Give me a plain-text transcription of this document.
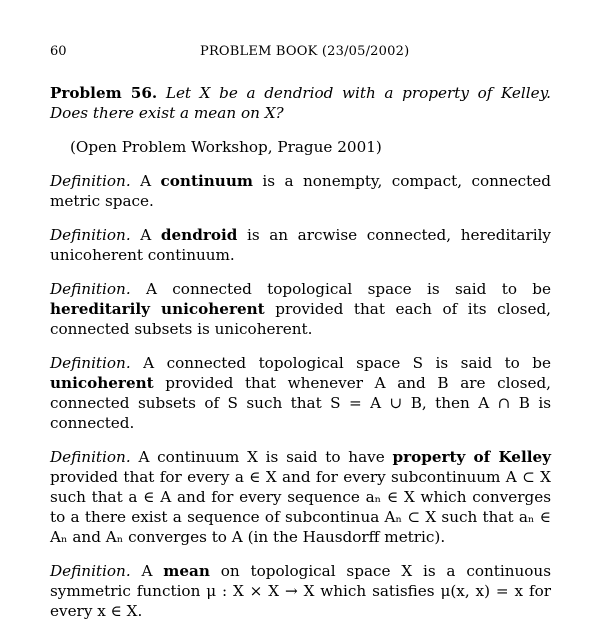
60	PROBLEM BOOK (23/05/2002)

Problem 56. Let X be a dendriod with a property of Kelley. Does there exist a mean on X?

(Open Problem Workshop, Prague 2001)

Definition. A continuum is a nonempty, compact, connected metric space.

Definition. A dendroid is an arcwise connected, hereditarily unicoherent continuum.

Definition. A connected topological space is said to be hereditarily unicoherent provided that each of its closed, connected subsets is unicoherent.

Definition. A connected topological space S is said to be unicoherent provided that whenever A and B are closed, connected subsets of S such that S = A ∪ B, then A ∩ B is connected.

Definition. A continuum X is said to have property of Kelley provided that for every a ∈ X and for every subcontinuum A ⊂ X such that a ∈ A and for every sequence aₙ ∈ X which converges to a there exist a sequence of subcontinua Aₙ ⊂ X such that aₙ ∈ Aₙ and Aₙ converges to A (in the Hausdorff metric).

Definition. A mean on topological space X is a continuous symmetric function μ : X × X → X which satisfies μ(x, x) = x for every x ∈ X.
